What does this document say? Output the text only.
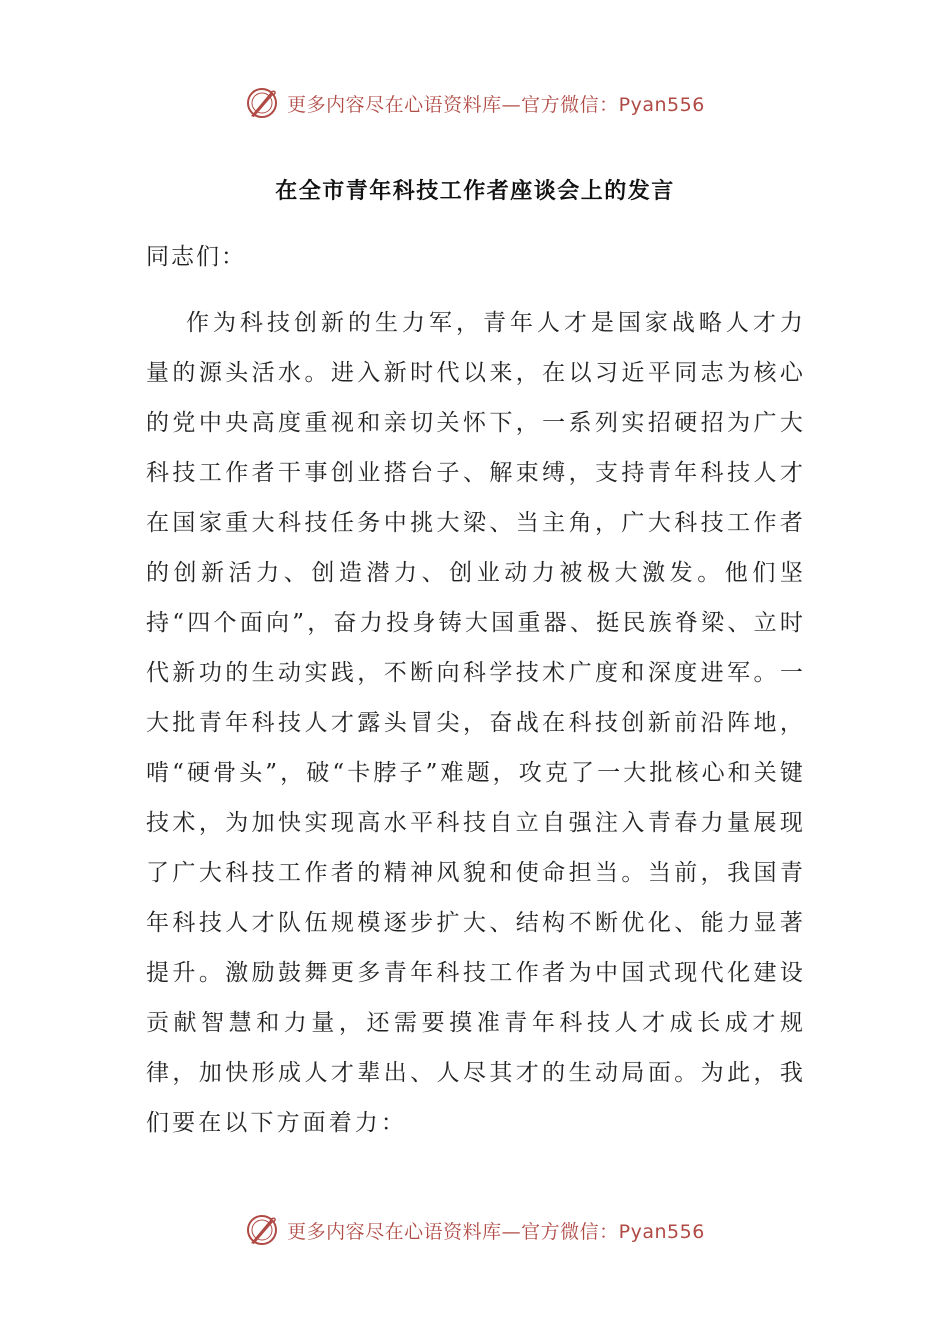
更多内容尽在心语资料库—官方微信：Pyan556
在全市青年科技工作者座谈会上的发言
同志们：

作为科技创新的生力军，青年人才是国家战略人才力量的源头活水。进入新时代以来，在以习近平同志为核心的党中央高度重视和亲切关怀下，一系列实招硬招为广大科技工作者干事创业搭台子、解束缚，支持青年科技人才在国家重大科技任务中挑大梁、当主角，广大科技工作者的创新活力、创造潜力、创业动力被极大激发。他们坚持“四个面向”，奋力投身铸大国重器、挺民族脊梁、立时代新功的生动实践，不断向科学技术广度和深度进军。一大批青年科技人才露头冒尖，奋战在科技创新前沿阵地，啃“硬骨头”，破“卡脖子”难题，攻克了一大批核心和关键技术，为加快实现高水平科技自立自强注入青春力量展现了广大科技工作者的精神风貌和使命担当。当前，我国青年科技人才队伍规模逐步扩大、结构不断优化、能力显著提升。激励鼓舞更多青年科技工作者为中国式现代化建设贡献智慧和力量，还需要摸准青年科技人才成长成才规律，加快形成人才辈出、人尽其才的生动局面。为此，我们要在以下方面着力：

更多内容尽在心语资料库—官方微信：Pyan556
